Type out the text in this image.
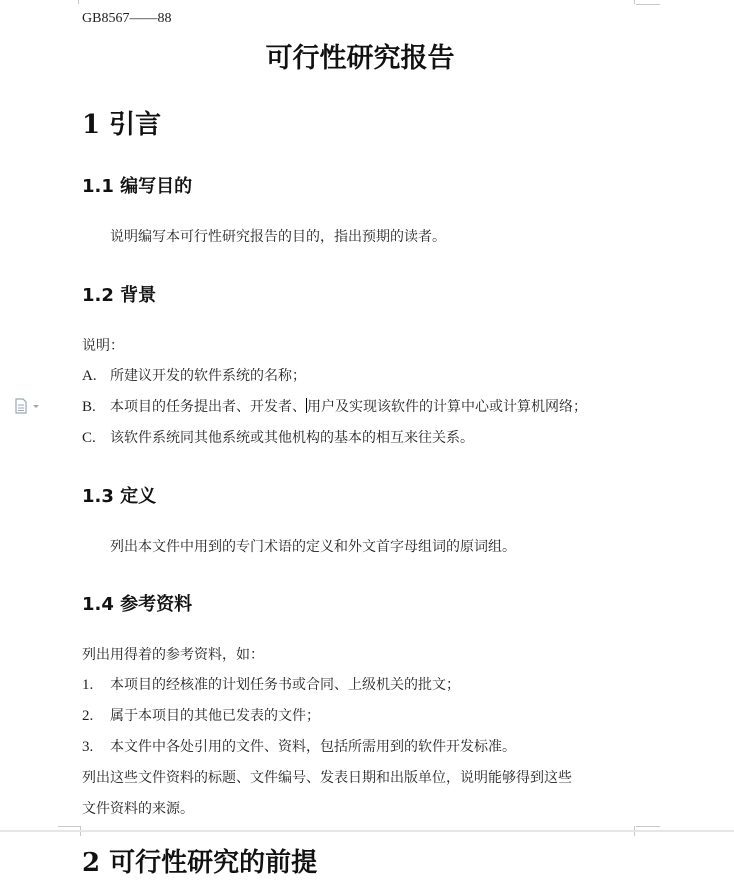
GB8567——88
可行性研究报告
1 引言
1.1 编写目的
说明编写本可行性研究报告的目的，指出预期的读者。
1.2 背景
说明：
A. 所建议开发的软件系统的名称；
B. 本项目的任务提出者、开发者、用户及实现该软件的计算中心或计算机网络；
C. 该软件系统同其他系统或其他机构的基本的相互来往关系。
1.3 定义
列出本文件中用到的专门术语的定义和外文首字母组词的原词组。
1.4 参考资料
列出用得着的参考资料，如：
1. 本项目的经核准的计划任务书或合同、上级机关的批文；
2. 属于本项目的其他已发表的文件；
3. 本文件中各处引用的文件、资料，包括所需用到的软件开发标准。
列出这些文件资料的标题、文件编号、发表日期和出版单位，说明能够得到这些
文件资料的来源。
2 可行性研究的前提
